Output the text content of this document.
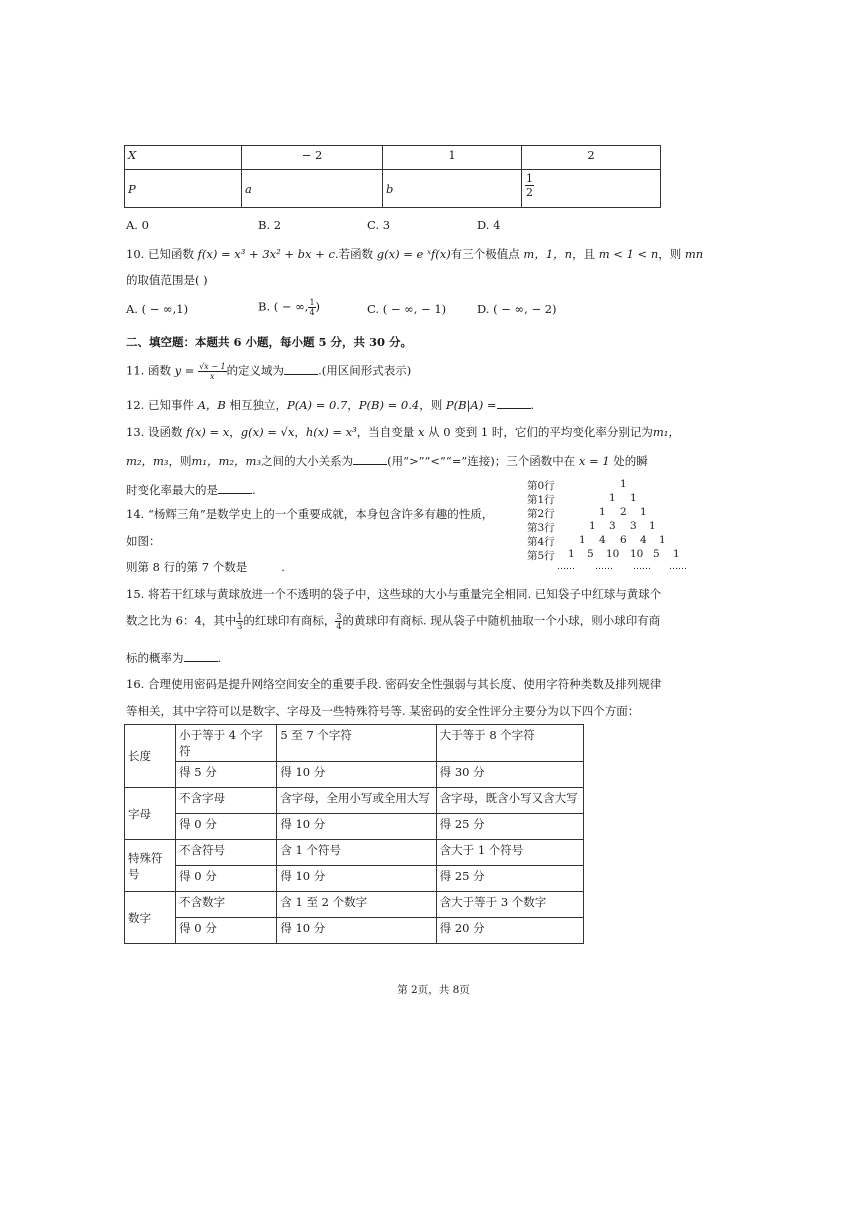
X	− 2	1	2
P	a	b	$\frac{1}{2}$
A. 0	B. 2	C. 3	D. 4
10. 已知函数 f(x) = x³ + 3x² + bx + c.若函数 g(x) = e ˣf(x)有三个极值点 m，1，n，且 m < 1 < n，则 mn
的取值范围是( )
A. ( − ∞,1)	B. ( − ∞, $\frac{1}{4}$ )	C. ( − ∞, − 1)	D. ( − ∞, − 2)
二、填空题：本题共 6 小题，每小题 5 分，共 30 分。
11. 函数 $y = \frac{√x - 1}{x}$ 的定义域为	.(用区间形式表示)
12. 已知事件 A，B 相互独立，P(A) = 0.7，P(B) = 0.4，则 P(B|A) =	.
13. 设函数 f(x) = x，g(x) = √x，h(x) = x³，当自变量 x 从 0 变到 1 时，它们的平均变化率分别记为m₁，
m₂，m₃，则m₁，m₂，m₃之间的大小关系为	(用“>”“<”“=”连接)；三个函数中在 x = 1 处的瞬
时变化率最大的是	.
14. “杨辉三角”是数学史上的一个重要成就，本身包含许多有趣的性质，
如图：
则第 8 行的第 7 个数是	.
第0行	1
第1行	1 1
第2行	1 2 1
第3行	1 3 3 1
第4行 1 4 6 4 1
第5行 1 5 10 10 5 1
…… …… …… ……
15. 将若干红球与黄球放进一个不透明的袋子中，这些球的大小与重量完全相同. 已知袋子中红球与黄球个
数之比为 6：4，其中 $\frac{1}{3}$ 的红球印有商标， $\frac{3}{4}$ 的黄球印有商标. 现从袋子中随机抽取一个小球，则小球印有商
标的概率为	.
16. 合理使用密码是提升网络空间安全的重要手段. 密码安全性强弱与其长度、使用字符种类数及排列规律
等相关，其中字符可以是数字、字母及一些特殊符号等. 某密码的安全性评分主要分为以下四个方面：
长度	小于等于 4 个字符	5 至 7 个字符	大于等于 8 个字符
	得 5 分	得 10 分	得 30 分
字母	不含字母	含字母，全用小写或全用大写	含字母，既含小写又含大写
	得 0 分	得 10 分	得 25 分
特殊符号	不含符号	含 1 个符号	含大于 1 个符号
	得 0 分	得 10 分	得 25 分
数字	不含数字	含 1 至 2 个数字	含大于等于 3 个数字
	得 0 分	得 10 分	得 20 分
第 2页，共 8页
